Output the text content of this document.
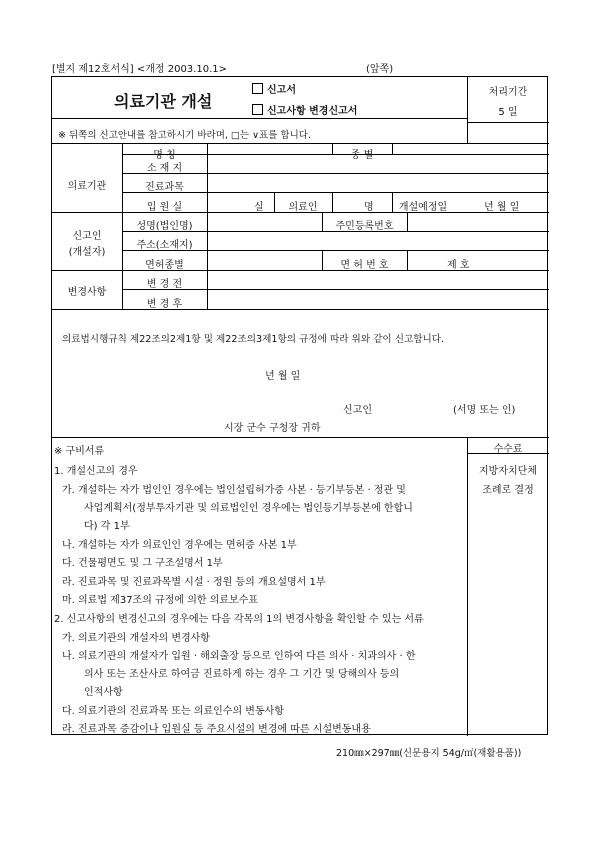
[별지 제12호서식] <개정 2003.10.1>	(앞쪽)
의료기관 개설
신고서
신고사항 변경신고서
처리기간
5 일
※ 뒤쪽의 신고안내를 참고하시기 바라며, □는 ∨표를 합니다.
의료기관
명 칭	종 별
소 재 지
진료과목
입 원 실	실	의료인	명	개설예정일	년 월 일
신고인
(개설자)
성명(법인명)	주민등록번호
주소(소재지)
면허종별	면 허 번 호	제 호
변경사항
변 경 전
변 경 후
의료법시행규칙 제22조의2제1항 및 제22조의3제1항의 규정에 따라 위와 같이 신고합니다.
년 월 일
신고인	(서명 또는 인)
시장 군수 구청장 귀하
수수료
지방자치단체
조례로 결정
※ 구비서류
1. 개설신고의 경우
가. 개설하는 자가 법인인 경우에는 법인설립허가증 사본 · 등기부등본 · 정관 및
사업계획서(정부투자기관 및 의료법인인 경우에는 법인등기부등본에 한합니
다) 각 1부
나. 개설하는 자가 의료인인 경우에는 면허증 사본 1부
다. 건물평면도 및 그 구조설명서 1부
라. 진료과목 및 진료과목별 시설 · 정원 등의 개요설명서 1부
마. 의료법 제37조의 규정에 의한 의료보수표
2. 신고사항의 변경신고의 경우에는 다음 각목의 1의 변경사항을 확인할 수 있는 서류
가. 의료기관의 개설자의 변경사항
나. 의료기관의 개설자가 입원 · 해외출장 등으로 인하여 다른 의사 · 치과의사 · 한
의사 또는 조산사로 하여금 진료하게 하는 경우 그 기간 및 당해의사 등의
인적사항
다. 의료기관의 진료과목 또는 의료인수의 변동사항
라. 진료과목 증감이나 입원실 등 주요시설의 변경에 따른 시설변동내용
210㎜×297㎜(신문용지 54g/㎡(재활용품))
